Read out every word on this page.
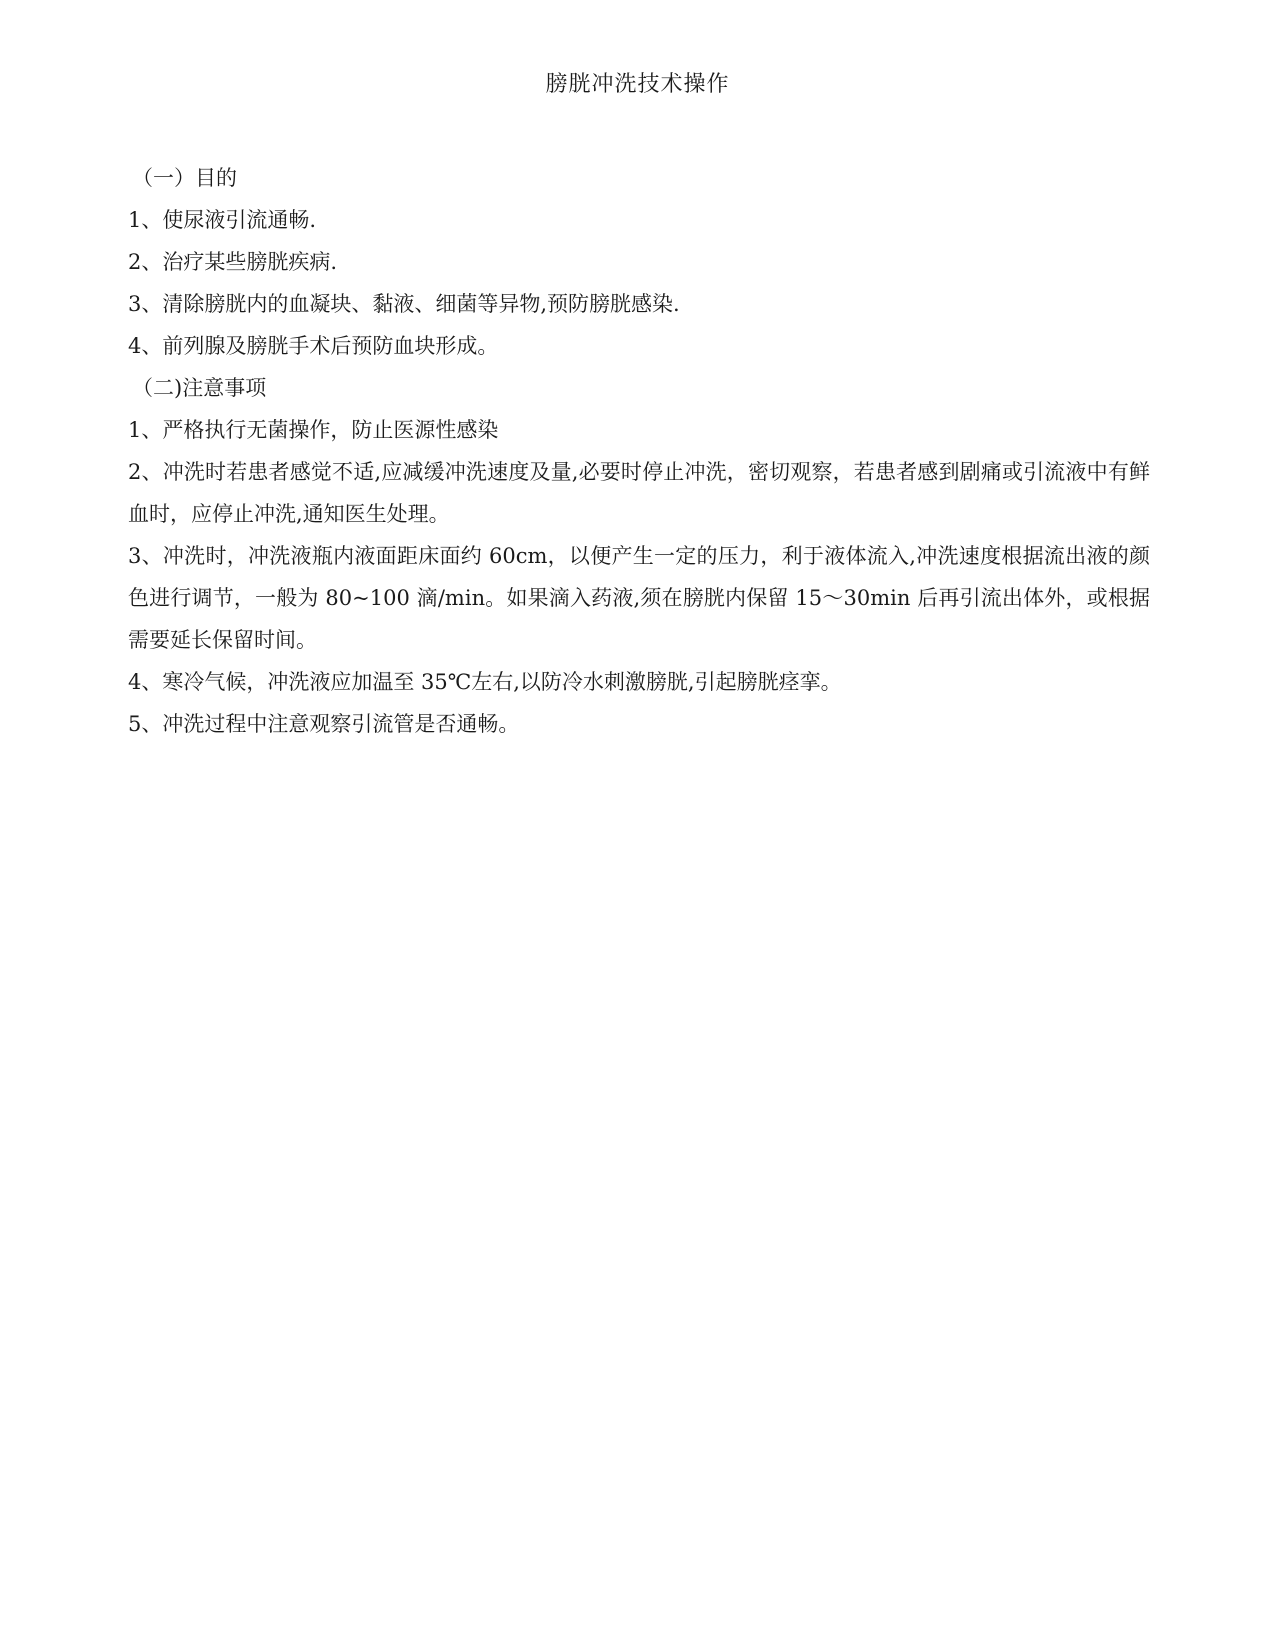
膀胱冲洗技术操作
（一）目的
1、使尿液引流通畅.
2、治疗某些膀胱疾病.
3、清除膀胱内的血凝块、黏液、细菌等异物,预防膀胱感染.
4、前列腺及膀胱手术后预防血块形成。
（二)注意事项
1、严格执行无菌操作，防止医源性感染
2、冲洗时若患者感觉不适,应减缓冲洗速度及量,必要时停止冲洗，密切观察，若患者感到剧痛或引流液中有鲜血时，应停止冲洗,通知医生处理。
3、冲洗时，冲洗液瓶内液面距床面约 60cm，以便产生一定的压力，利于液体流入,冲洗速度根据流出液的颜色进行调节，一般为 80~100 滴/min。如果滴入药液,须在膀胱内保留 15～30min 后再引流出体外，或根据需要延长保留时间。
4、寒冷气候，冲洗液应加温至 35℃左右,以防冷水刺激膀胱,引起膀胱痉挛。
5、冲洗过程中注意观察引流管是否通畅。
